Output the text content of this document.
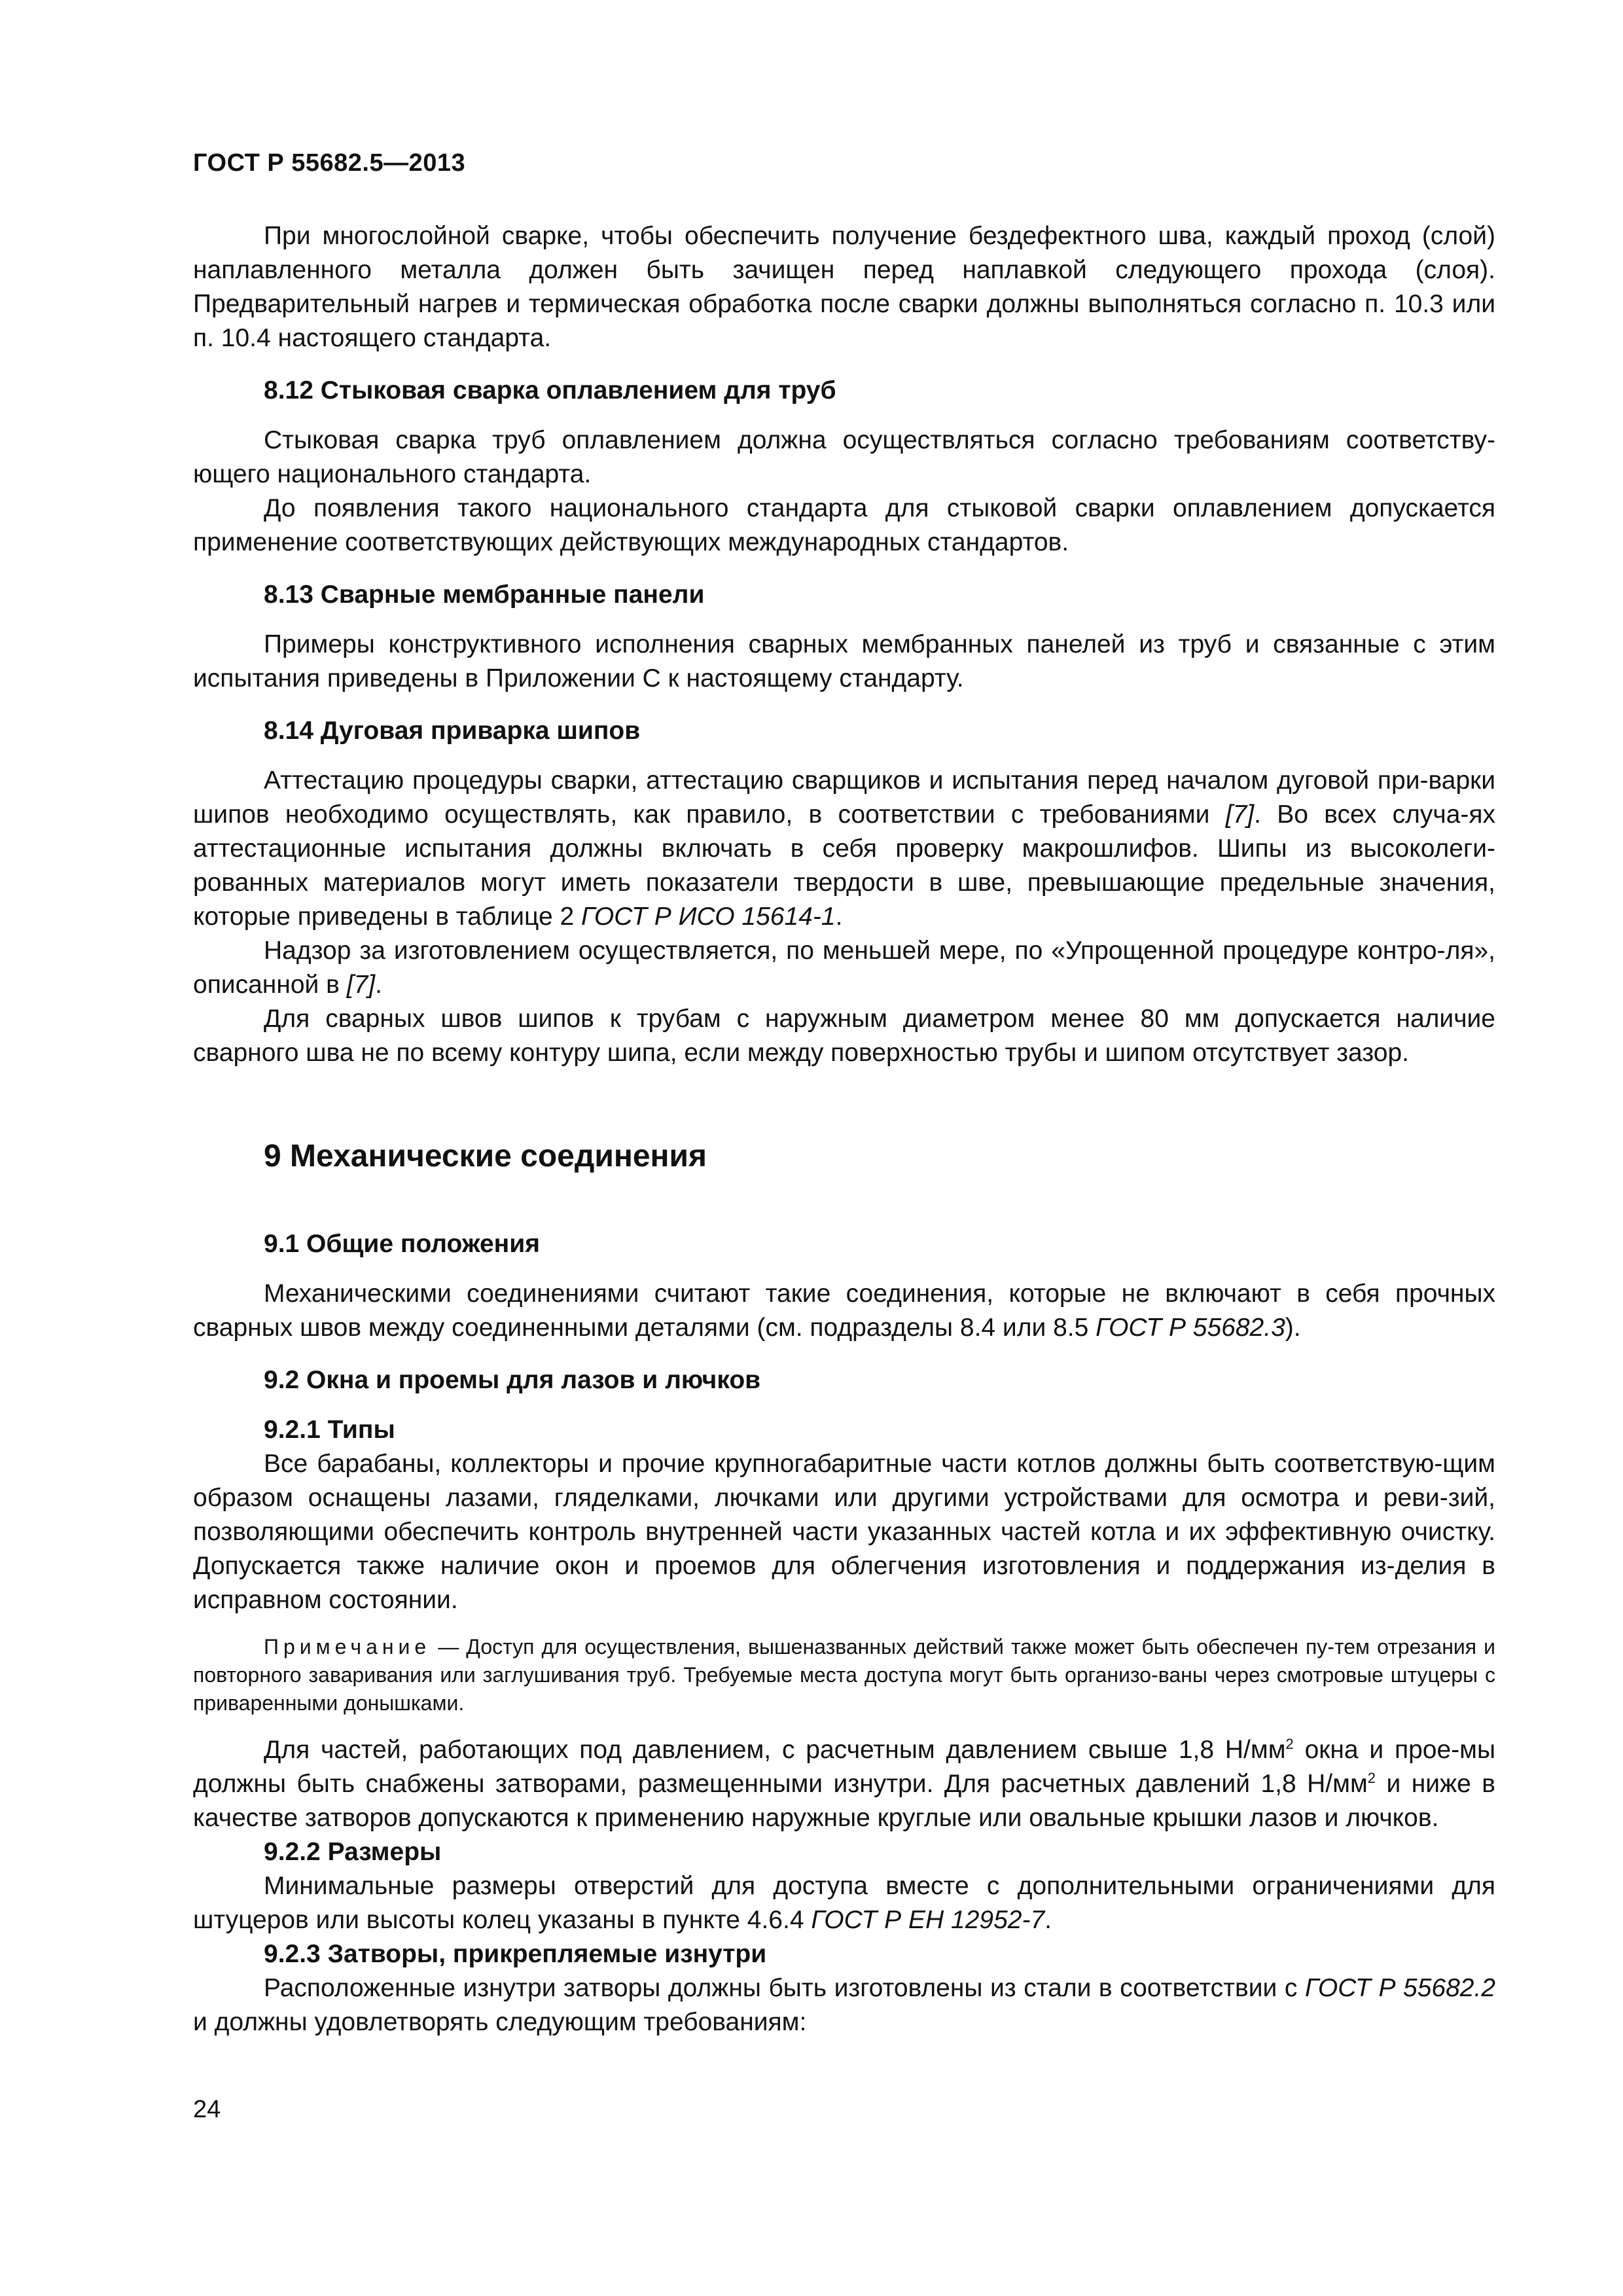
ГОСТ Р 55682.5—2013

При многослойной сварке, чтобы обеспечить получение бездефектного шва, каждый проход (слой) наплавленного металла должен быть зачищен перед наплавкой следующего прохода (слоя). Предварительный нагрев и термическая обработка после сварки должны выполняться согласно п. 10.3 или п. 10.4 настоящего стандарта.

8.12 Стыковая сварка оплавлением для труб

Стыковая сварка труб оплавлением должна осуществляться согласно требованиям соответству-ющего национального стандарта.

До появления такого национального стандарта для стыковой сварки оплавлением допускается применение соответствующих действующих международных стандартов.

8.13 Сварные мембранные панели

Примеры конструктивного исполнения сварных мембранных панелей из труб и связанные с этим испытания приведены в Приложении С к настоящему стандарту.

8.14 Дуговая приварка шипов

Аттестацию процедуры сварки, аттестацию сварщиков и испытания перед началом дуговой при-варки шипов необходимо осуществлять, как правило, в соответствии с требованиями [7]. Во всех случа-ях аттестационные испытания должны включать в себя проверку макрошлифов. Шипы из высоколеги-рованных материалов могут иметь показатели твердости в шве, превышающие предельные значения, которые приведены в таблице 2 ГОСТ Р ИСО 15614-1.

Надзор за изготовлением осуществляется, по меньшей мере, по «Упрощенной процедуре контро-ля», описанной в [7].

Для сварных швов шипов к трубам с наружным диаметром менее 80 мм допускается наличие сварного шва не по всему контуру шипа, если между поверхностью трубы и шипом отсутствует зазор.

9 Механические соединения
9.1 Общие положения

Механическими соединениями считают такие соединения, которые не включают в себя прочных сварных швов между соединенными деталями (см. подразделы 8.4 или 8.5 ГОСТ Р 55682.3).

9.2 Окна и проемы для лазов и лючков
9.2.1 Типы

Все барабаны, коллекторы и прочие крупногабаритные части котлов должны быть соответствую-щим образом оснащены лазами, гляделками, лючками или другими устройствами для осмотра и реви-зий, позволяющими обеспечить контроль внутренней части указанных частей котла и их эффективную очистку. Допускается также наличие окон и проемов для облегчения изготовления и поддержания из-делия в исправном состоянии.

Примечание — Доступ для осуществления, вышеназванных действий также может быть обеспечен пу-тем отрезания и повторного заваривания или заглушивания труб. Требуемые места доступа могут быть организо-ваны через смотровые штуцеры с приваренными донышками.

Для частей, работающих под давлением, с расчетным давлением свыше 1,8 $Н/мм^2$ окна и прое-мы должны быть снабжены затворами, размещенными изнутри. Для расчетных давлений 1,8 $Н/мм^2$ и ниже в качестве затворов допускаются к применению наружные круглые или овальные крышки лазов и лючков.

9.2.2 Размеры

Минимальные размеры отверстий для доступа вместе с дополнительными ограничениями для штуцеров или высоты колец указаны в пункте 4.6.4 ГОСТ Р ЕН 12952-7.

9.2.3 Затворы, прикрепляемые изнутри

Расположенные изнутри затворы должны быть изготовлены из стали в соответствии с ГОСТ Р 55682.2 и должны удовлетворять следующим требованиям:

24
